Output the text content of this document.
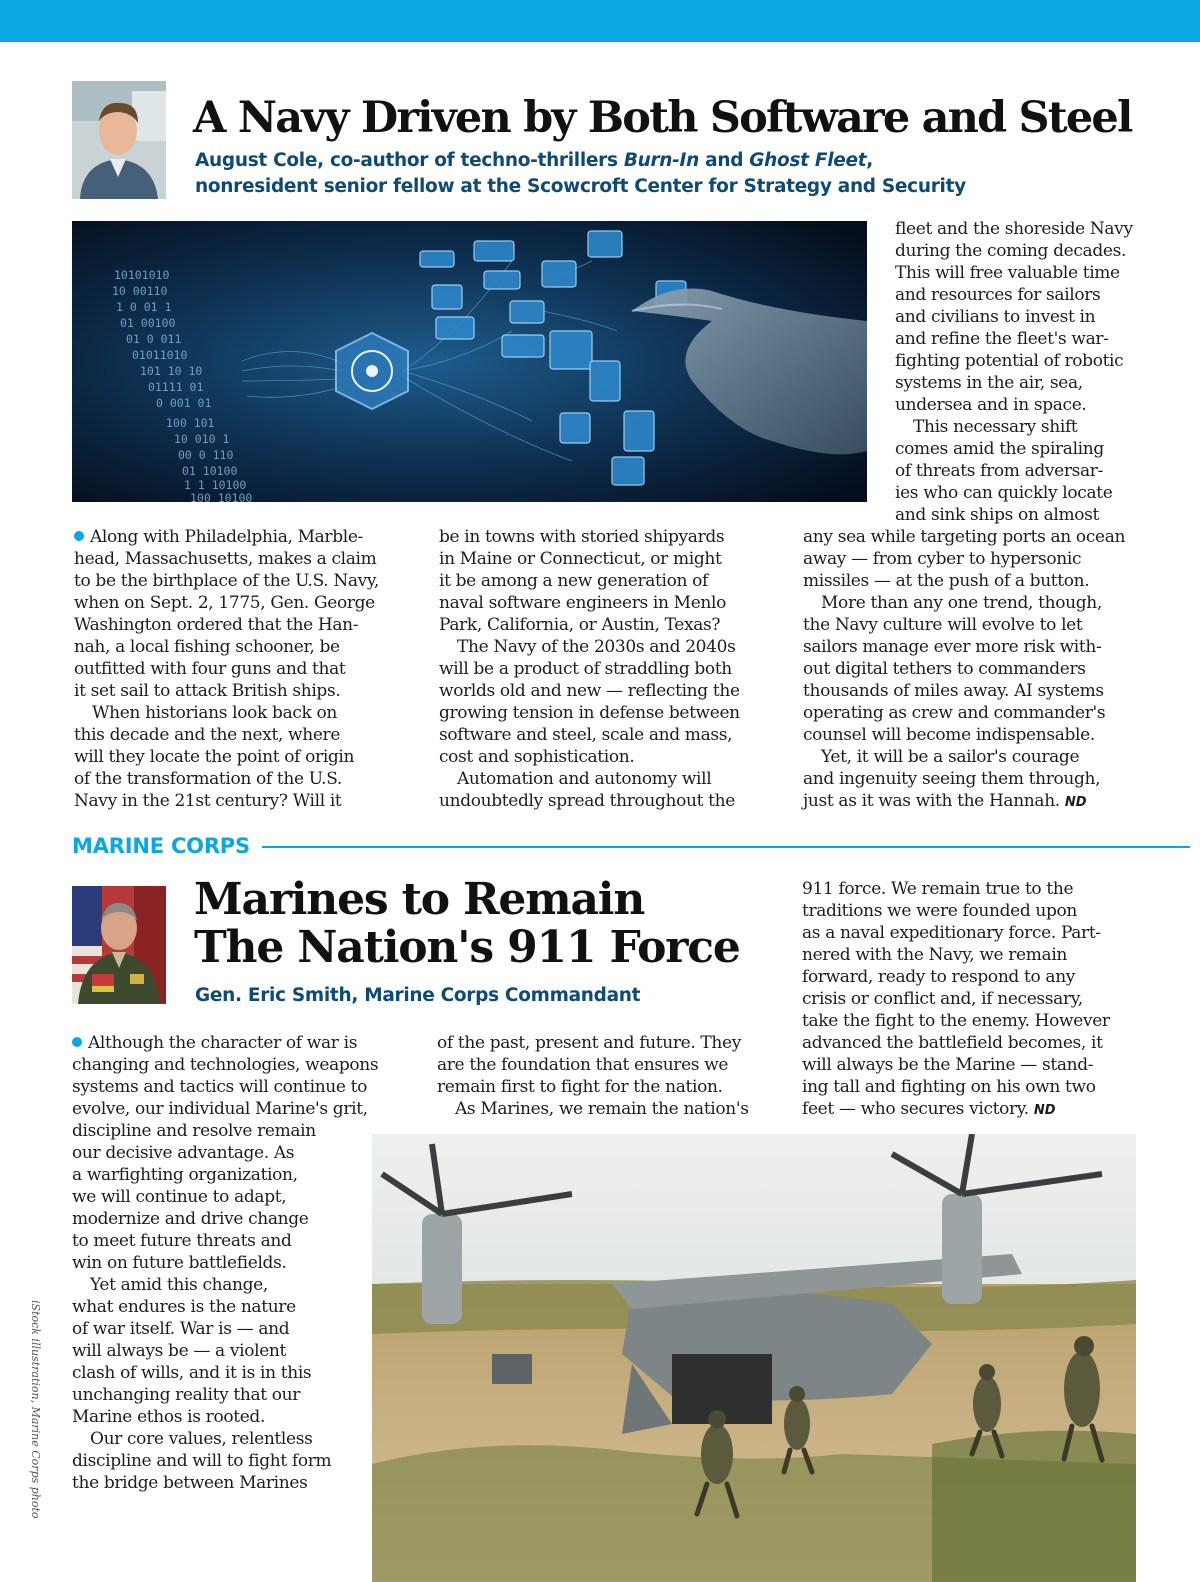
A Navy Driven by Both Software and Steel
August Cole, co-author of techno-thrillers Burn-In and Ghost Fleet,
nonresident senior fellow at the Scowcroft Center for Strategy and Security
10101010
10 00110
1 0 01 1
01 00100
01 0 011
01011010
101 10 10
01111 01
0 001 01
100 101
10 010 1
00 0 110
01 10100
1 1 10100
100 10100
Along with Philadelphia, Marble-
head, Massachusetts, makes a claim
to be the birthplace of the U.S. Navy,
when on Sept. 2, 1775, Gen. George
Washington ordered that the Han-
nah, a local fishing schooner, be
outfitted with four guns and that
it set sail to attack British ships.
When historians look back on
this decade and the next, where
will they locate the point of origin
of the transformation of the U.S.
Navy in the 21st century? Will it
be in towns with storied shipyards
in Maine or Connecticut, or might
it be among a new generation of
naval software engineers in Menlo
Park, California, or Austin, Texas?
The Navy of the 2030s and 2040s
will be a product of straddling both
worlds old and new — reflecting the
growing tension in defense between
software and steel, scale and mass,
cost and sophistication.
Automation and autonomy will
undoubtedly spread throughout the
fleet and the shoreside Navy
during the coming decades.
This will free valuable time
and resources for sailors
and civilians to invest in
and refine the fleet's war-
fighting potential of robotic
systems in the air, sea,
undersea and in space.
This necessary shift
comes amid the spiraling
of threats from adversar-
ies who can quickly locate
and sink ships on almost
any sea while targeting ports an ocean
away — from cyber to hypersonic
missiles — at the push of a button.
More than any one trend, though,
the Navy culture will evolve to let
sailors manage ever more risk with-
out digital tethers to commanders
thousands of miles away. AI systems
operating as crew and commander's
counsel will become indispensable.
Yet, it will be a sailor's courage
and ingenuity seeing them through,
just as it was with the Hannah. ND
MARINE CORPS
Marines to Remain
The Nation's 911 Force
Gen. Eric Smith, Marine Corps Commandant
Although the character of war is
changing and technologies, weapons
systems and tactics will continue to
evolve, our individual Marine's grit,
discipline and resolve remain
our decisive advantage. As
a warfighting organization,
we will continue to adapt,
modernize and drive change
to meet future threats and
win on future battlefields.
Yet amid this change,
what endures is the nature
of war itself. War is — and
will always be — a violent
clash of wills, and it is in this
unchanging reality that our
Marine ethos is rooted.
Our core values, relentless
discipline and will to fight form
the bridge between Marines
of the past, present and future. They
are the foundation that ensures we
remain first to fight for the nation.
As Marines, we remain the nation's
911 force. We remain true to the
traditions we were founded upon
as a naval expeditionary force. Part-
nered with the Navy, we remain
forward, ready to respond to any
crisis or conflict and, if necessary,
take the fight to the enemy. However
advanced the battlefield becomes, it
will always be the Marine — stand-
ing tall and fighting on his own two
feet — who secures victory. ND
iStock illustration, Marine Corps photo
